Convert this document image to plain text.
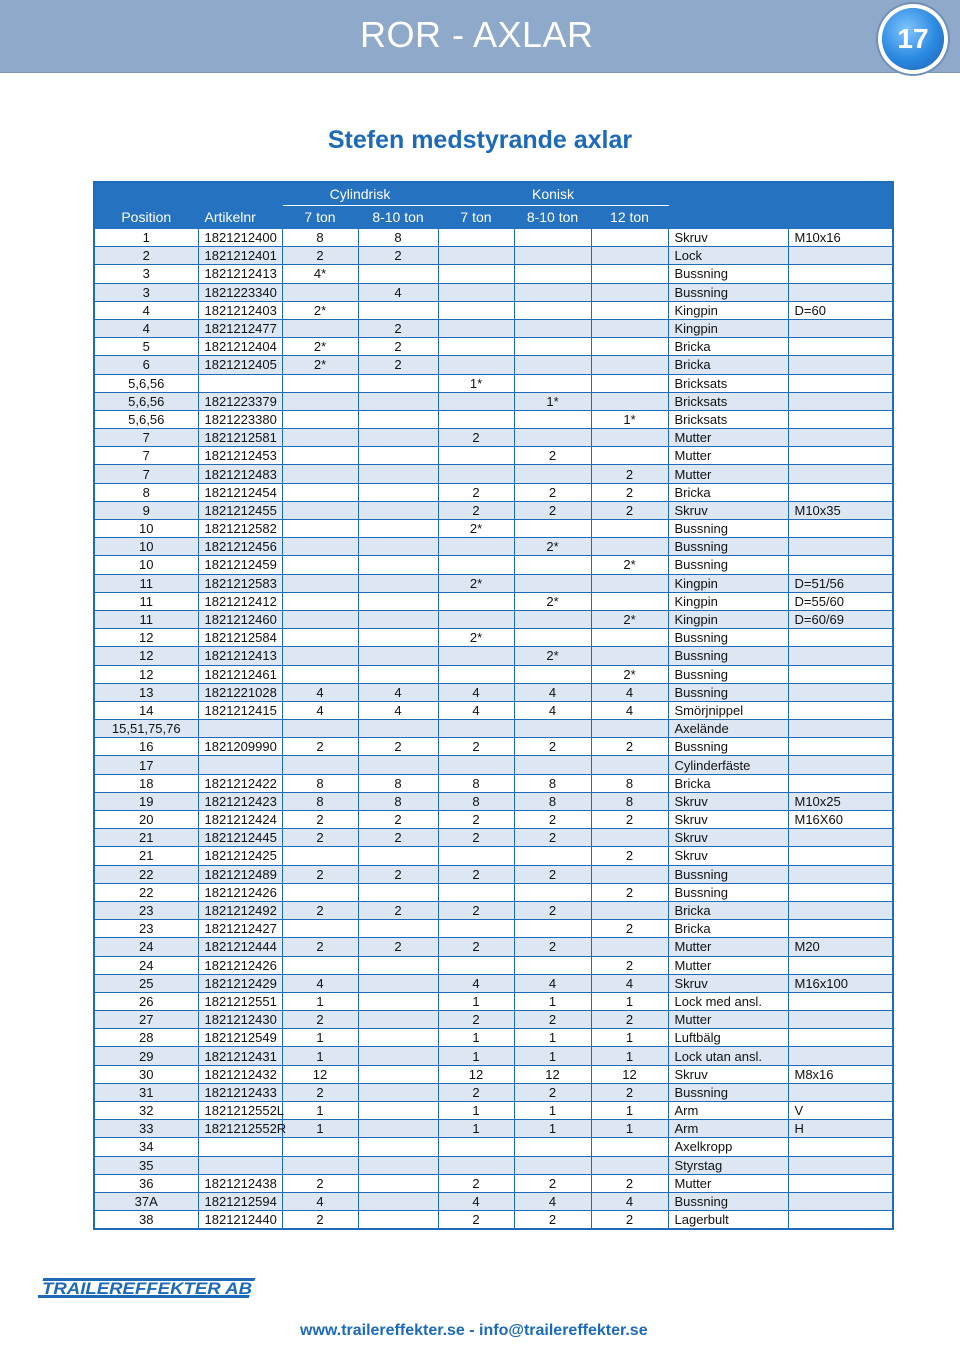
ROR - AXLAR	17
Stefen medstyrande axlar
		Cylindrisk		Konisk				
Position	Artikelnr	7 ton	8-10 ton	7 ton	8-10 ton	12 ton		
1	1821212400	8	8				Skruv	M10x16
2	1821212401	2	2				Lock	
3	1821212413	4*					Bussning	
3	1821223340		4				Bussning	
4	1821212403	2*					Kingpin	D=60
4	1821212477		2				Kingpin	
5	1821212404	2*	2				Bricka	
6	1821212405	2*	2				Bricka	
5,6,56				1*			Bricksats	
5,6,56	1821223379				1*		Bricksats	
5,6,56	1821223380					1*	Bricksats	
7	1821212581			2			Mutter	
7	1821212453				2		Mutter	
7	1821212483					2	Mutter	
8	1821212454			2	2	2	Bricka	
9	1821212455			2	2	2	Skruv	M10x35
10	1821212582			2*			Bussning	
10	1821212456				2*		Bussning	
10	1821212459					2*	Bussning	
11	1821212583			2*			Kingpin	D=51/56
11	1821212412				2*		Kingpin	D=55/60
11	1821212460					2*	Kingpin	D=60/69
12	1821212584			2*			Bussning	
12	1821212413				2*		Bussning	
12	1821212461					2*	Bussning	
13	1821221028	4	4	4	4	4	Bussning	
14	1821212415	4	4	4	4	4	Smörjnippel	
15,51,75,76							Axelände	
16	1821209990	2	2	2	2	2	Bussning	
17							Cylinderfäste	
18	1821212422	8	8	8	8	8	Bricka	
19	1821212423	8	8	8	8	8	Skruv	M10x25
20	1821212424	2	2	2	2	2	Skruv	M16X60
21	1821212445	2	2	2	2		Skruv	
21	1821212425					2	Skruv	
22	1821212489	2	2	2	2		Bussning	
22	1821212426					2	Bussning	
23	1821212492	2	2	2	2		Bricka	
23	1821212427					2	Bricka	
24	1821212444	2	2	2	2		Mutter	M20
24	1821212426					2	Mutter	
25	1821212429	4		4	4	4	Skruv	M16x100
26	1821212551	1		1	1	1	Lock med ansl.	
27	1821212430	2		2	2	2	Mutter	
28	1821212549	1		1	1	1	Luftbälg	
29	1821212431	1		1	1	1	Lock utan ansl.	
30	1821212432	12		12	12	12	Skruv	M8x16
31	1821212433	2		2	2	2	Bussning	
32	1821212552L	1		1	1	1	Arm	V
33	1821212552R	1		1	1	1	Arm	H
34							Axelkropp	
35							Styrstag	
36	1821212438	2		2	2	2	Mutter	
37A	1821212594	4		4	4	4	Bussning	
38	1821212440	2		2	2	2	Lagerbult	
TRAILEREFFEKTER AB
www.trailereffekter.se - info@trailereffekter.se
